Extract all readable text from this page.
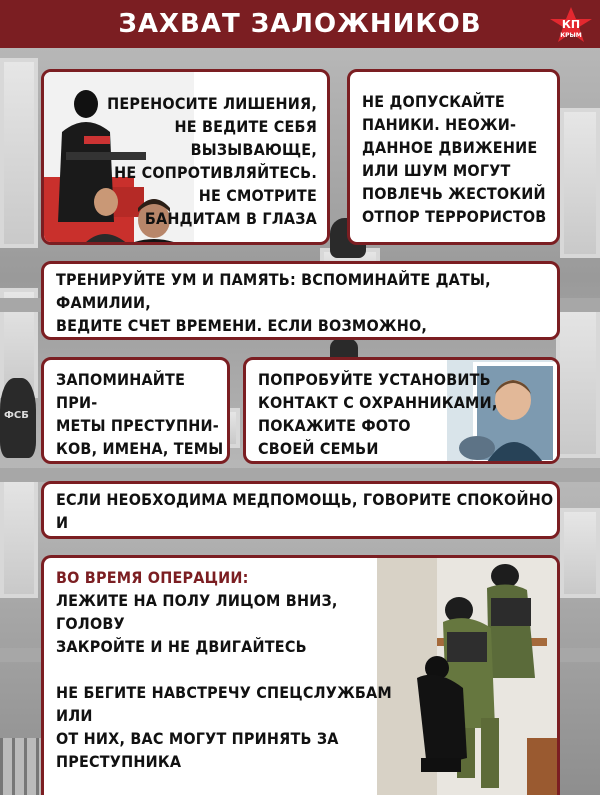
ФСБ
ЗАХВАТ ЗАЛОЖНИКОВ	КП
КРЫМ
ПЕРЕНОСИТЕ ЛИШЕНИЯ,
НЕ ВЕДИТЕ СЕБЯ
ВЫЗЫВАЮЩЕ,
НЕ СОПРОТИВЛЯЙТЕСЬ.
НЕ СМОТРИТЕ
БАНДИТАМ В ГЛАЗА
НЕ ДОПУСКАЙТЕ
ПАНИКИ. НЕОЖИ-
ДАННОЕ ДВИЖЕНИЕ
ИЛИ ШУМ МОГУТ
ПОВЛЕЧЬ ЖЕСТОКИЙ
ОТПОР ТЕРРОРИСТОВ
ТРЕНИРУЙТЕ УМ И ПАМЯТЬ: ВСПОМИНАЙТЕ ДАТЫ, ФАМИЛИИ,
ВЕДИТЕ СЧЕТ ВРЕМЕНИ. ЕСЛИ ВОЗМОЖНО,
ЗАПОМИНАЙТЕ ПРИ-
МЕТЫ ПРЕСТУПНИ-
КОВ, ИМЕНА, ТЕМЫ
ПОПРОБУЙТЕ УСТАНОВИТЬ
КОНТАКТ С ОХРАННИКАМИ,
ПОКАЖИТЕ ФОТО
СВОЕЙ СЕМЬИ
ЕСЛИ НЕОБХОДИМА МЕДПОМОЩЬ, ГОВОРИТЕ СПОКОЙНО И
ВО ВРЕМЯ ОПЕРАЦИИ:
ЛЕЖИТЕ НА ПОЛУ ЛИЦОМ ВНИЗ, ГОЛОВУ
ЗАКРОЙТЕ И НЕ ДВИГАЙТЕСЬ
НЕ БЕГИТЕ НАВСТРЕЧУ СПЕЦСЛУЖБАМ ИЛИ
ОТ НИХ, ВАС МОГУТ ПРИНЯТЬ ЗА ПРЕСТУПНИКА
